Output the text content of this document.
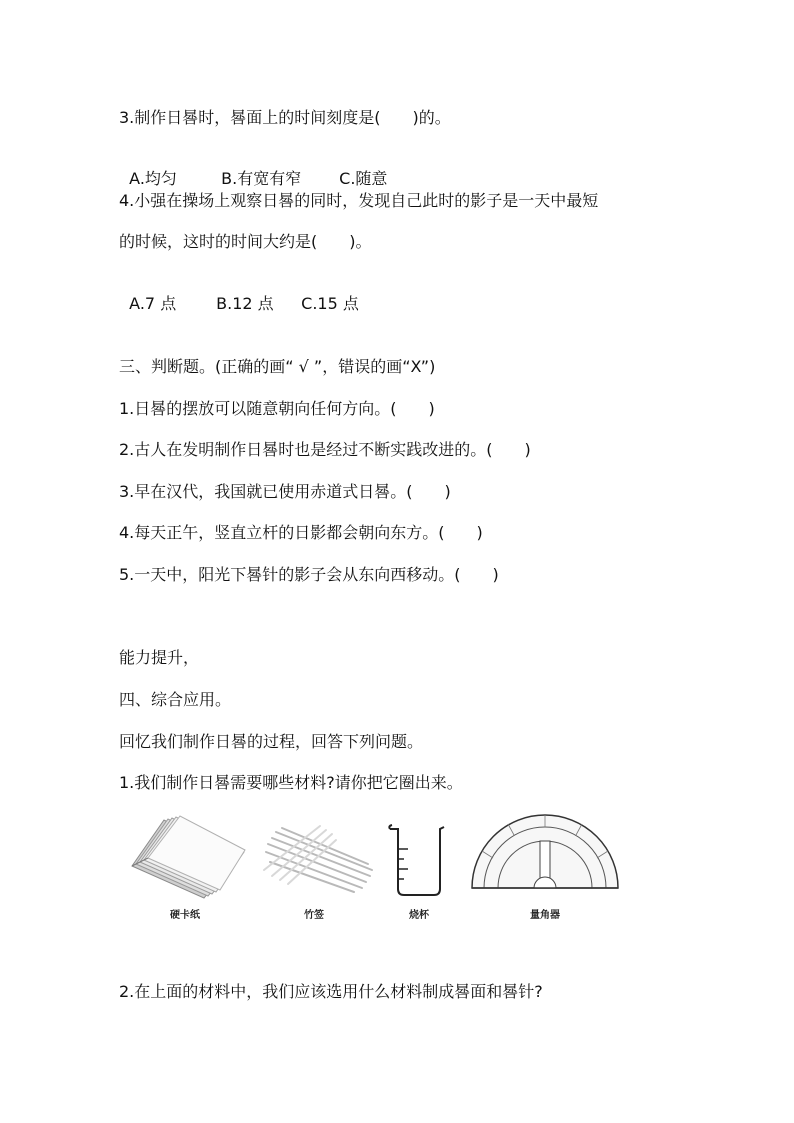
3.制作日晷时，晷面上的时间刻度是(　　)的。

A.均匀	B.有宽有窄 C.随意

4.小强在操场上观察日晷的同时，发现自己此时的影子是一天中最短
的时候，这时的时间大约是(　　)。

A.7 点 B.12 点 C.15 点

三、判断题。(正确的画“ √ ”，错误的画“X”)
1.日晷的摆放可以随意朝向任何方向。(　　)
2.古人在发明制作日晷时也是经过不断实践改进的。(　　)
3.早在汉代，我国就已使用赤道式日晷。(　　)
4.每天正午，竖直立杆的日影都会朝向东方。(　　)
5.一天中，阳光下晷针的影子会从东向西移动。(　　)
能力提升，
四、综合应用。
回忆我们制作日晷的过程，回答下列问题。
1.我们制作日晷需要哪些材料?请你把它圈出来。
硬卡纸	竹签	烧杯	量角器
2.在上面的材料中，我们应该选用什么材料制成晷面和晷针?
